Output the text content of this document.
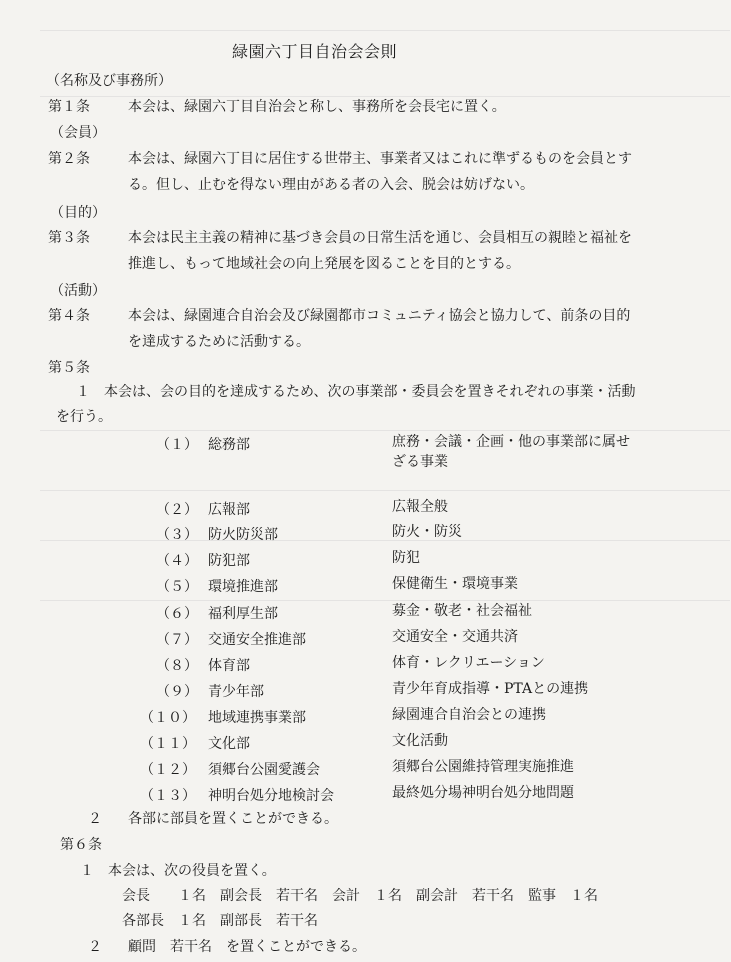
緑園六丁目自治会会則
（名称及び事務所）
第１条	本会は、緑園六丁目自治会と称し、事務所を会長宅に置く。
（会員）
第２条	本会は、緑園六丁目に居住する世帯主、事業者又はこれに準ずるものを会員とす
る。但し、止むを得ない理由がある者の入会、脱会は妨げない。
（目的）
第３条	本会は民主主義の精神に基づき会員の日常生活を通じ、会員相互の親睦と福祉を
推進し、もって地域社会の向上発展を図ることを目的とする。
（活動）
第４条	本会は、緑園連合自治会及び緑園都市コミュニティ協会と協力して、前条の目的
を達成するために活動する。
第５条
１　本会は、会の目的を達成するため、次の事業部・委員会を置きそれぞれの事業・活動
を行う。
（１） 総務部	庶務・会議・企画・他の事業部に属せざる事業
（２） 広報部	広報全般
（３） 防火防災部	防火・防災
（４） 防犯部	防犯
（５） 環境推進部	保健衛生・環境事業
（６） 福利厚生部	募金・敬老・社会福祉
（７） 交通安全推進部	交通安全・交通共済
（８） 体育部	体育・レクリエーション
（９） 青少年部	青少年育成指導・PTAとの連携
（１０） 地域連携事業部	緑園連合自治会との連携
（１１） 文化部	文化活動
（１２） 須郷台公園愛護会	須郷台公園維持管理実施推進
（１３） 神明台処分地検討会	最終処分場神明台処分地問題
２ 各部に部員を置くことができる。
第６条
１　本会は、次の役員を置く。
会長　　１名　副会長　若干名　会計　１名　副会計　若干名　監事　１名
各部長　１名　副部長　若干名
２ 顧問　若干名　を置くことができる。
